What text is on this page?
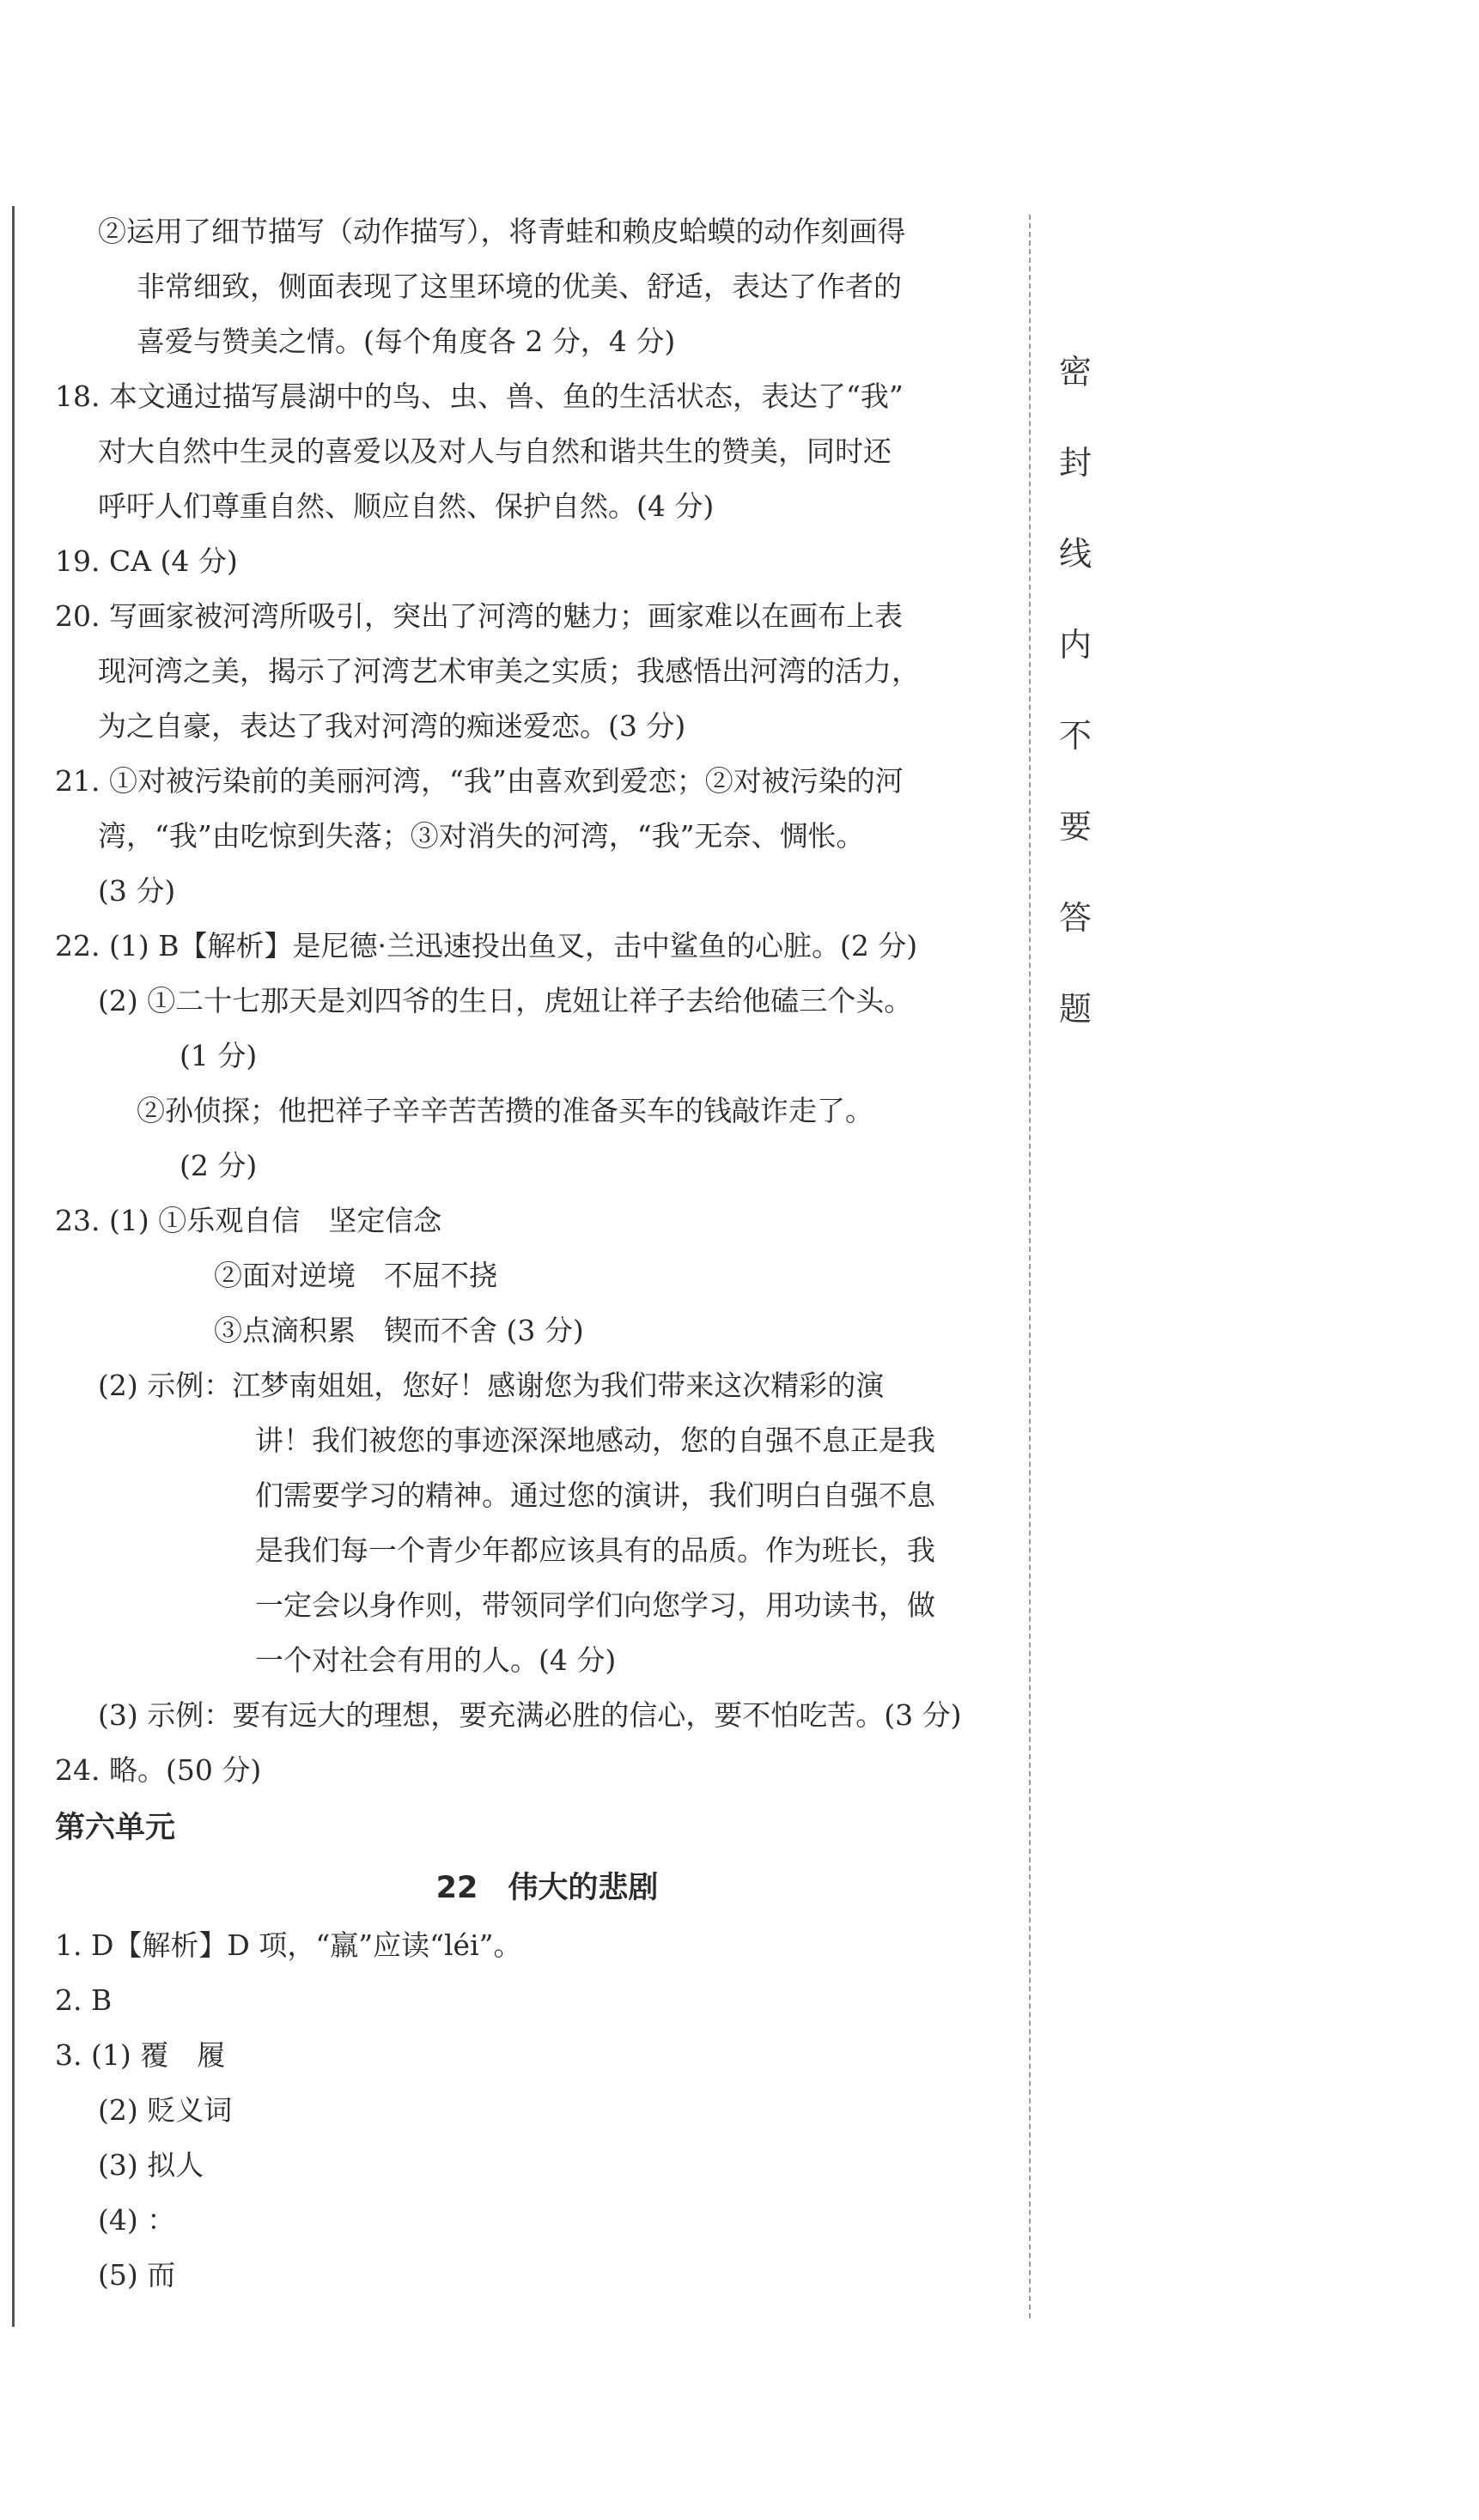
密
封
线
内
不
要
答
题
②运用了细节描写（动作描写），将青蛙和赖皮蛤蟆的动作刻画得
非常细致，侧面表现了这里环境的优美、舒适，表达了作者的
喜爱与赞美之情。(每个角度各 2 分，4 分)
18. 本文通过描写晨湖中的鸟、虫、兽、鱼的生活状态，表达了“我”
对大自然中生灵的喜爱以及对人与自然和谐共生的赞美，同时还
呼吁人们尊重自然、顺应自然、保护自然。(4 分)
19. CA (4 分)
20. 写画家被河湾所吸引，突出了河湾的魅力；画家难以在画布上表
现河湾之美，揭示了河湾艺术审美之实质；我感悟出河湾的活力，
为之自豪，表达了我对河湾的痴迷爱恋。(3 分)
21. ①对被污染前的美丽河湾，“我”由喜欢到爱恋；②对被污染的河
湾，“我”由吃惊到失落；③对消失的河湾，“我”无奈、惆怅。
(3 分)
22. (1) B【解析】是尼德·兰迅速投出鱼叉，击中鲨鱼的心脏。(2 分)
(2) ①二十七那天是刘四爷的生日，虎妞让祥子去给他磕三个头。
(1 分)
②孙侦探；他把祥子辛辛苦苦攒的准备买车的钱敲诈走了。
(2 分)
23. (1) ①乐观自信　坚定信念
②面对逆境　不屈不挠
③点滴积累　锲而不舍 (3 分)
(2) 示例：江梦南姐姐，您好！感谢您为我们带来这次精彩的演
讲！我们被您的事迹深深地感动，您的自强不息正是我
们需要学习的精神。通过您的演讲，我们明白自强不息
是我们每一个青少年都应该具有的品质。作为班长，我
一定会以身作则，带领同学们向您学习，用功读书，做
一个对社会有用的人。(4 分)
(3) 示例：要有远大的理想，要充满必胜的信心，要不怕吃苦。(3 分)
24. 略。(50 分)
第六单元
22　伟大的悲剧
1. D【解析】D 项，“羸”应读“léi”。
2. B
3. (1) 覆　履
(2) 贬义词
(3) 拟人
(4) ：
(5) 而
